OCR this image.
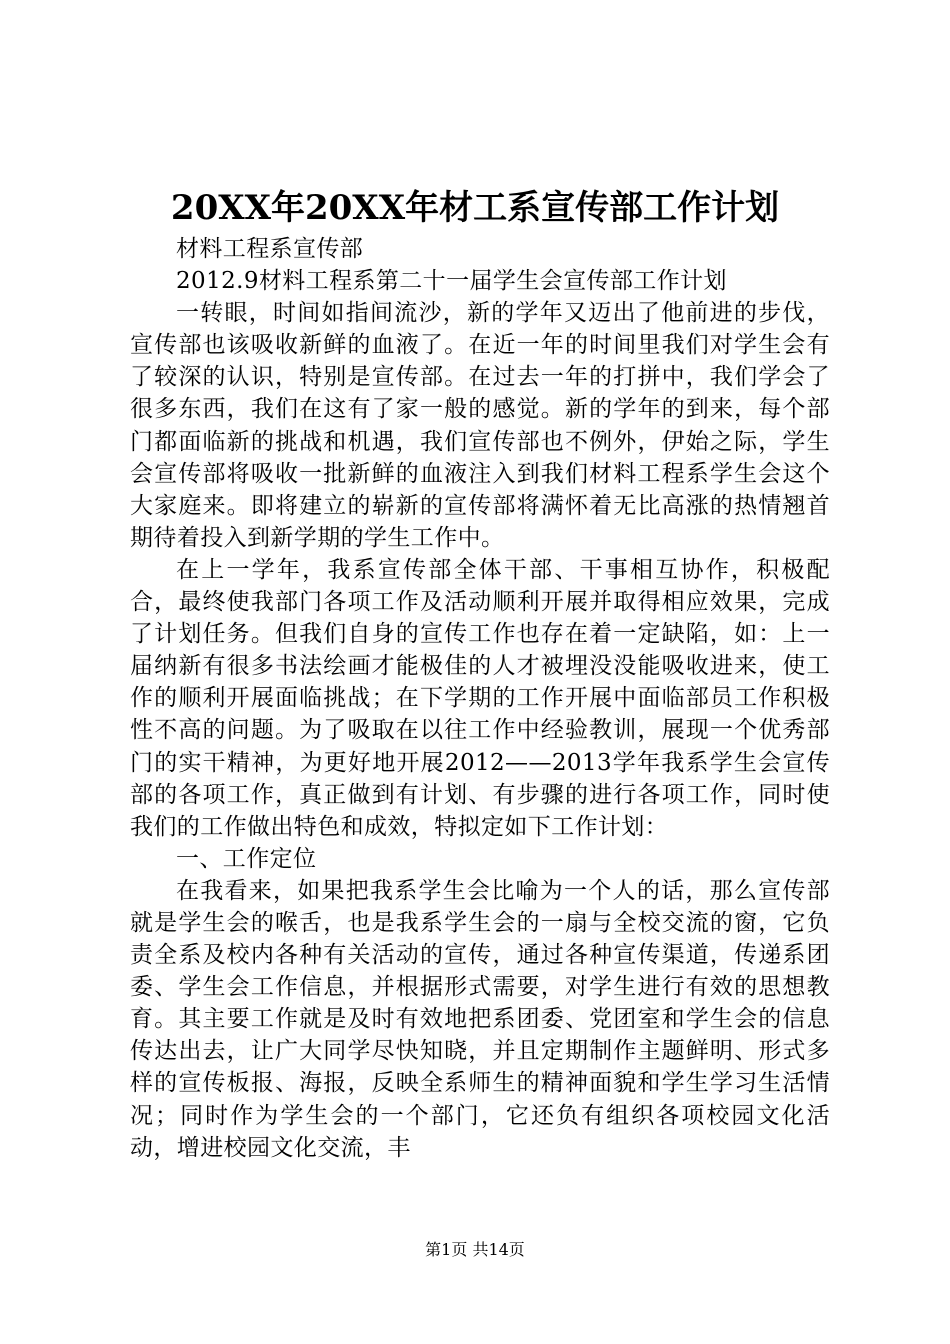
20XX年20XX年材工系宣传部工作计划

材料工程系宣传部

2012.9材料工程系第二十一届学生会宣传部工作计划

一转眼，时间如指间流沙，新的学年又迈出了他前进的步伐，宣传部也该吸收新鲜的血液了。在近一年的时间里我们对学生会有了较深的认识，特别是宣传部。在过去一年的打拼中，我们学会了很多东西，我们在这有了家一般的感觉。新的学年的到来，每个部门都面临新的挑战和机遇，我们宣传部也不例外，伊始之际，学生会宣传部将吸收一批新鲜的血液注入到我们材料工程系学生会这个大家庭来。即将建立的崭新的宣传部将满怀着无比高涨的热情翘首期待着投入到新学期的学生工作中。

在上一学年，我系宣传部全体干部、干事相互协作，积极配合，最终使我部门各项工作及活动顺利开展并取得相应效果，完成了计划任务。但我们自身的宣传工作也存在着一定缺陷，如：上一届纳新有很多书法绘画才能极佳的人才被埋没没能吸收进来，使工作的顺利开展面临挑战；在下学期的工作开展中面临部员工作积极性不高的问题。为了吸取在以往工作中经验教训，展现一个优秀部门的实干精神，为更好地开展2012——2013学年我系学生会宣传部的各项工作，真正做到有计划、有步骤的进行各项工作，同时使我们的工作做出特色和成效，特拟定如下工作计划：

一、工作定位

在我看来，如果把我系学生会比喻为一个人的话，那么宣传部就是学生会的喉舌，也是我系学生会的一扇与全校交流的窗，它负责全系及校内各种有关活动的宣传，通过各种宣传渠道，传递系团委、学生会工作信息，并根据形式需要，对学生进行有效的思想教育。其主要工作就是及时有效地把系团委、党团室和学生会的信息传达出去，让广大同学尽快知晓，并且定期制作主题鲜明、形式多样的宣传板报、海报，反映全系师生的精神面貌和学生学习生活情况；同时作为学生会的一个部门，它还负有组织各项校园文化活动，增进校园文化交流，丰

第1页 共14页
